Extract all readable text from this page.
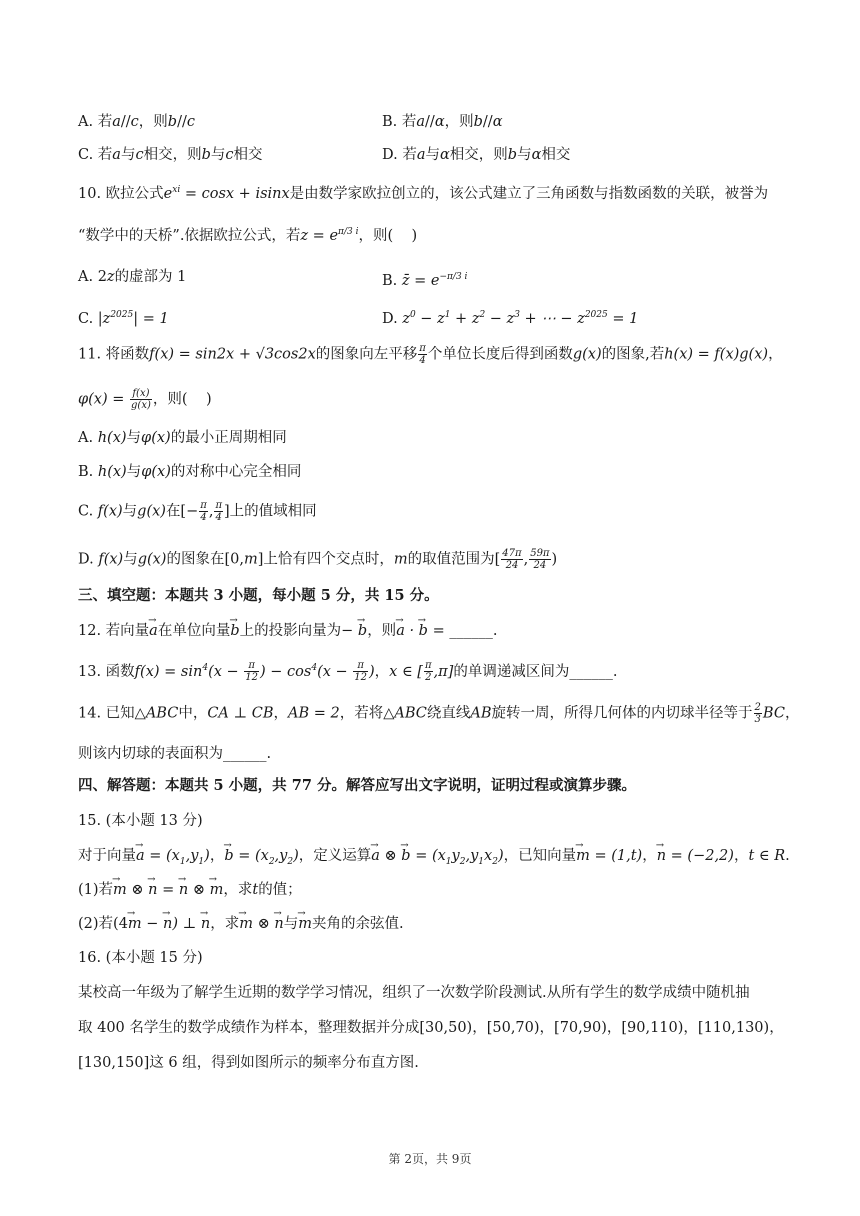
A. 若a//c，则b//c	B. 若a//α，则b//α
C. 若a与c相交，则b与c相交	D. 若a与α相交，则b与α相交
10. 欧拉公式$e^{xi} = \cos x + isinx$是由数学家欧拉创立的，该公式建立了三角函数与指数函数的关联，被誉为
“数学中的天桥”.依据欧拉公式，若$z = e^{\pi/3 i}$，则(    )
A. 2z的虚部为 1	B. z̄ = $e^{-\pi/3 i}$
C. $|z^{2025}| = 1$	D. $z^0 - z^1 + z^2 - z^3$ + ⋯ − $z^{2025} = 1$
11. 将函数f(x) = sin2x + √3cos2x的图象向左平移 $\frac{\pi}{4}$ 个单位长度后得到函数g(x)的图象,若h(x) = f(x)g(x)，
$\varphi(x) = \frac{f(x)}{g(x)}$ ，则(    )
A. h(x)与φ(x)的最小正周期相同
B. h(x)与φ(x)的对称中心完全相同
C. f(x)与g(x)在[− $\frac{\pi}{4}$ , $\frac{\pi}{4}$ ]上的值域相同
D. f(x)与g(x)的图象在[0,m]上恰有四个交点时，m的取值范围为[ $\frac{47\pi}{24}$ , $\frac{59\pi}{24}$ )
三、填空题：本题共 3 小题，每小题 5 分，共 15 分。
12. 若向量→ a在单位向量→ b上的投影向量为− → b，则→ a · → b = ______.
13. 函数$f(x) = \sin^4(x - \frac{\pi}{12}$ ) − $\cos^4(x - \frac{\pi}{12}$ )，x ∈ [ $\frac{\pi}{2} ,\pi$]的单调递减区间为______.
14. 已知△ABC中，CA ⊥ CB，AB = 2，若将△ABC绕直线AB旋转一周，所得几何体的内切球半径等于 $\frac{2}{3}$ BC，
则该内切球的表面积为______.
四、解答题：本题共 5 小题，共 77 分。解答应写出文字说明，证明过程或演算步骤。
15. (本小题 13 分)
对于向量→ $a = (x_1,y_1)$，→ $b = (x_2,y_2)$，定义运算→ a ⊗ → $b = (x_1y_2,y_1x_2)$，已知向量→ m = (1,t)，→ n = (−2,2)，t ∈ R.
(1)若→ m ⊗ → n = → n ⊗ → m，求t的值；
(2)若(4→ m − → n) ⊥ → n，求→ m ⊗ → n与→ m夹角的余弦值.
16. (本小题 15 分)
某校高一年级为了解学生近期的数学学习情况，组织了一次数学阶段测试.从所有学生的数学成绩中随机抽
取 400 名学生的数学成绩作为样本，整理数据并分成[30,50)，[50,70)，[70,90)，[90,110)，[110,130)，
[130,150]这 6 组，得到如图所示的频率分布直方图.
第 2页，共 9页
